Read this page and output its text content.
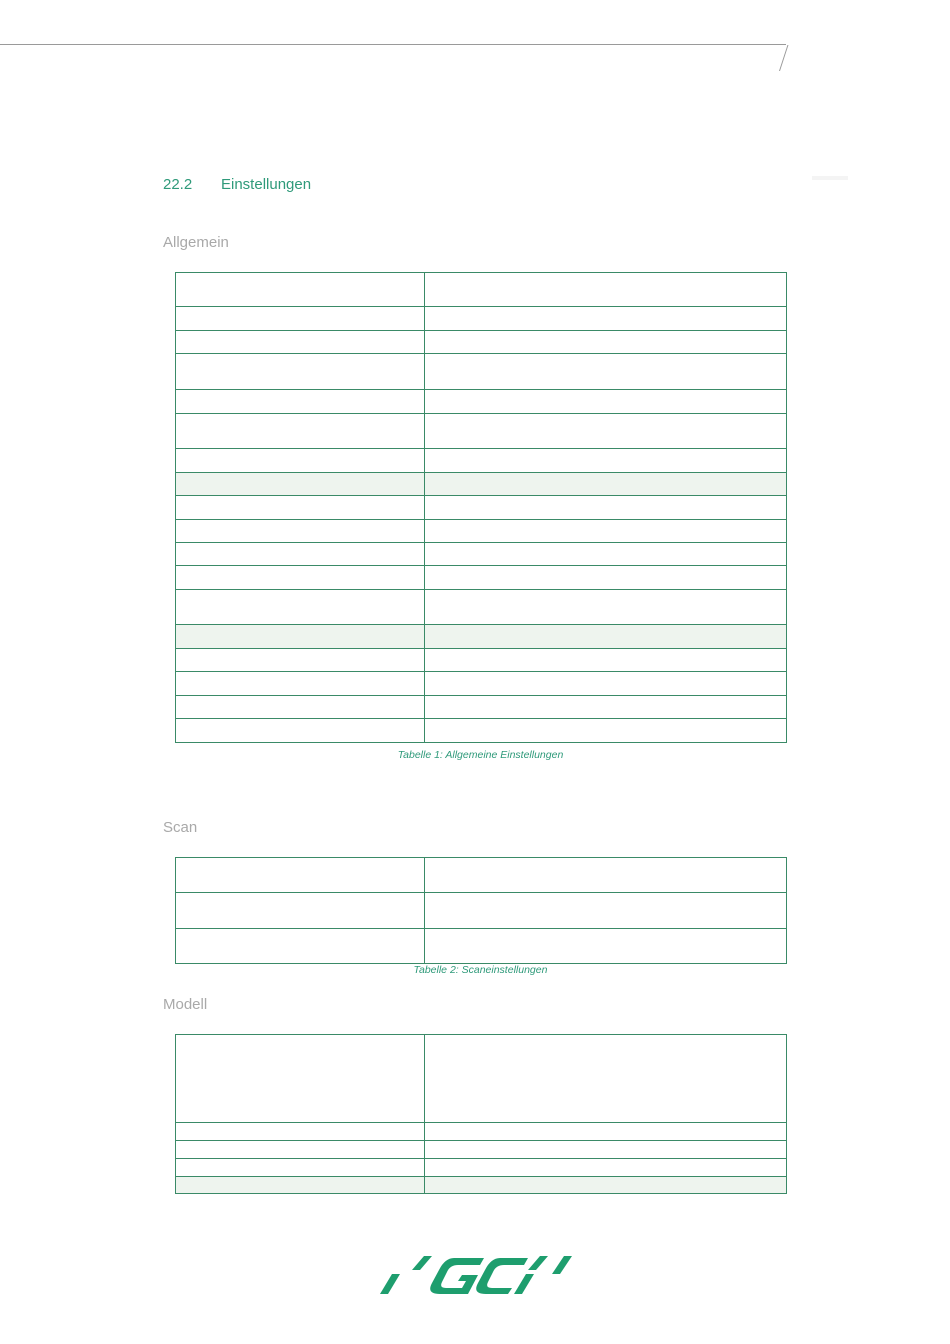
22.2 Einstellungen
Allgemein

Tabelle 1: Allgemeine Einstellungen
Scan

Tabelle 2: Scaneinstellungen
Modell
